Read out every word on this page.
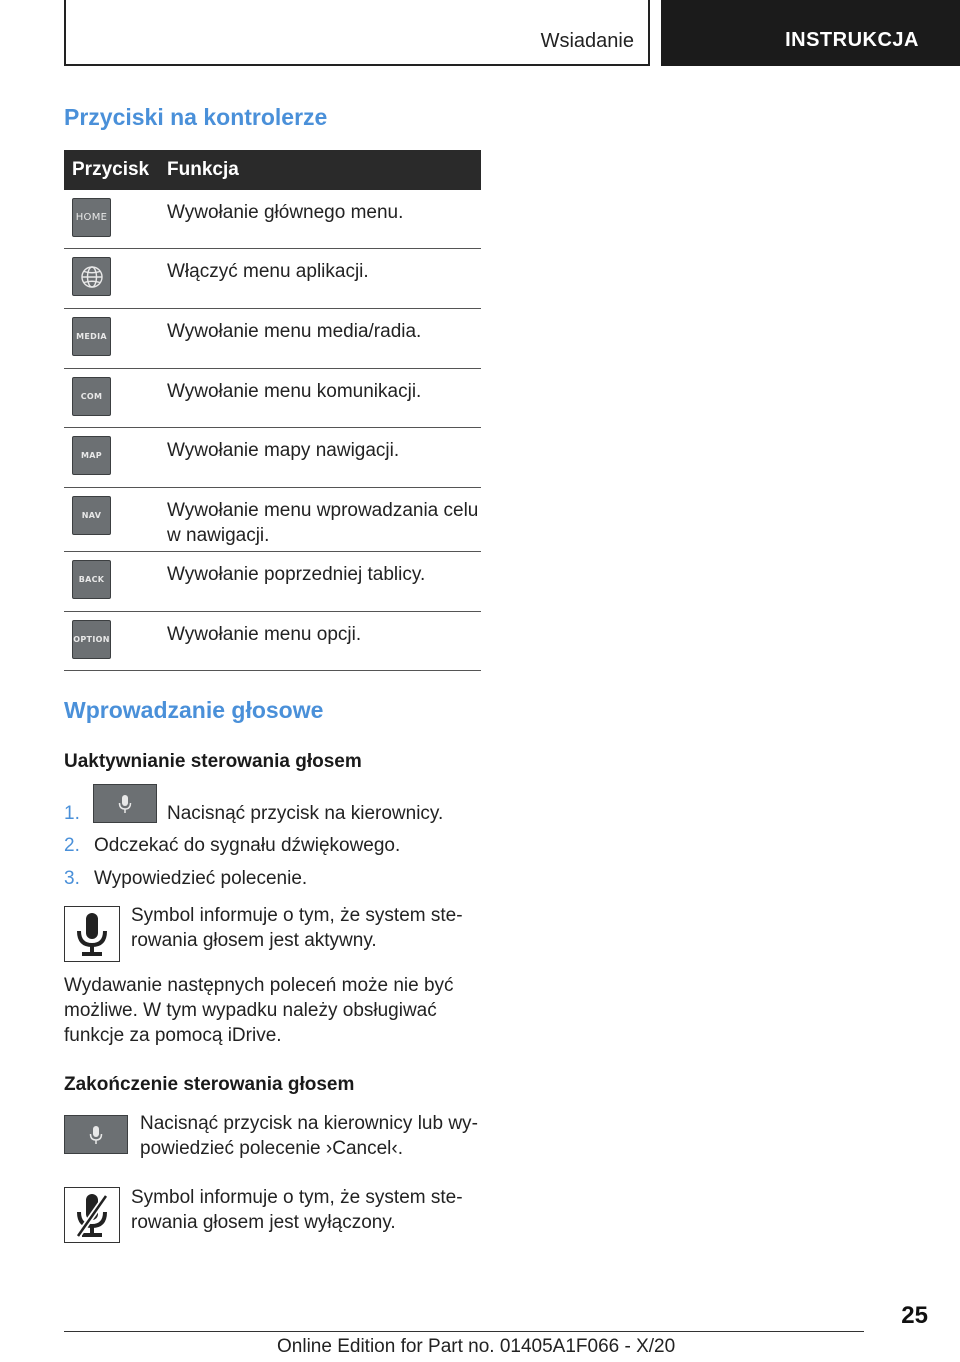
Wsiadanie	INSTRUKCJA
Przyciski na kontrolerze
Przycisk Funkcja
HOME	Wywołanie głównego menu.
Włączyć menu aplikacji.
MEDIA	Wywołanie menu media/radia.
COM	Wywołanie menu komunikacji.
MAP	Wywołanie mapy nawigacji.
NAV	Wywołanie menu wprowadzania celu w nawigacji.
BACK	Wywołanie poprzedniej tablicy.
OPTION	Wywołanie menu opcji.
Wprowadzanie głosowe
Uaktywnianie sterowania głosem
1.	Nacisnąć przycisk na kierownicy.
2. Odczekać do sygnału dźwiękowego.
3. Wypowiedzieć polecenie.
Symbol informuje o tym, że system sterowania głosem jest aktywny.
Wydawanie następnych poleceń może nie być możliwe. W tym wypadku należy obsługiwać funkcje za pomocą iDrive.
Zakończenie sterowania głosem
Nacisnąć przycisk na kierownicy lub wypowiedzieć polecenie ›Cancel‹.
Symbol informuje o tym, że system sterowania głosem jest wyłączony.
25
Online Edition for Part no. 01405A1F066 - X/20
